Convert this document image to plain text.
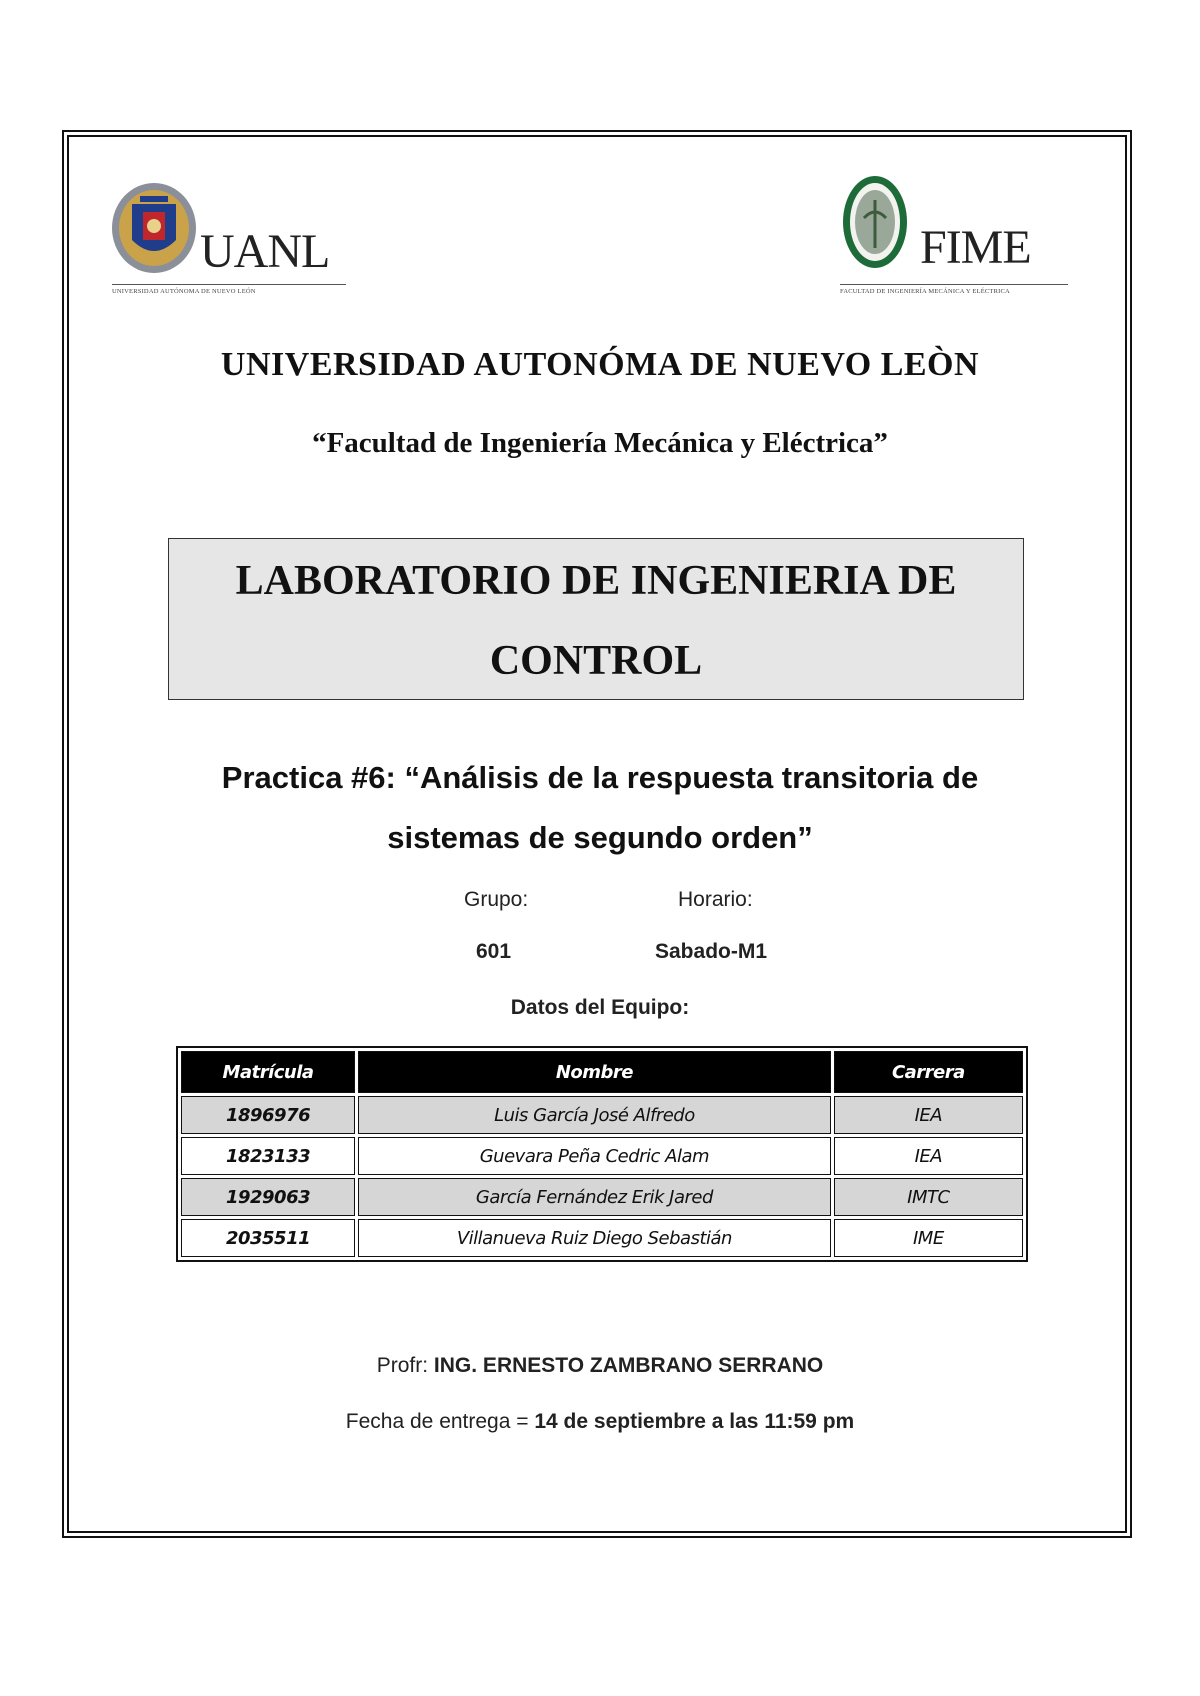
UANL
UNIVERSIDAD AUTÓNOMA DE NUEVO LEÓN
FIME
FACULTAD DE INGENIERÍA MECÁNICA Y ELÉCTRICA
UNIVERSIDAD AUTONÓMA DE NUEVO LEÒN
“Facultad de Ingeniería Mecánica y Eléctrica”
LABORATORIO DE INGENIERIA DE
CONTROL
Practica #6: “Análisis de la respuesta transitoria de
sistemas de segundo orden”
Grupo:	Horario:
601	Sabado-M1
Datos del Equipo:
Matrícula	Nombre	Carrera
1896976	Luis García José Alfredo	IEA
1823133	Guevara Peña Cedric Alam	IEA
1929063	García Fernández Erik Jared	IMTC
2035511	Villanueva Ruiz Diego Sebastián	IME
Profr: ING. ERNESTO ZAMBRANO SERRANO
Fecha de entrega = 14 de septiembre a las 11:59 pm
